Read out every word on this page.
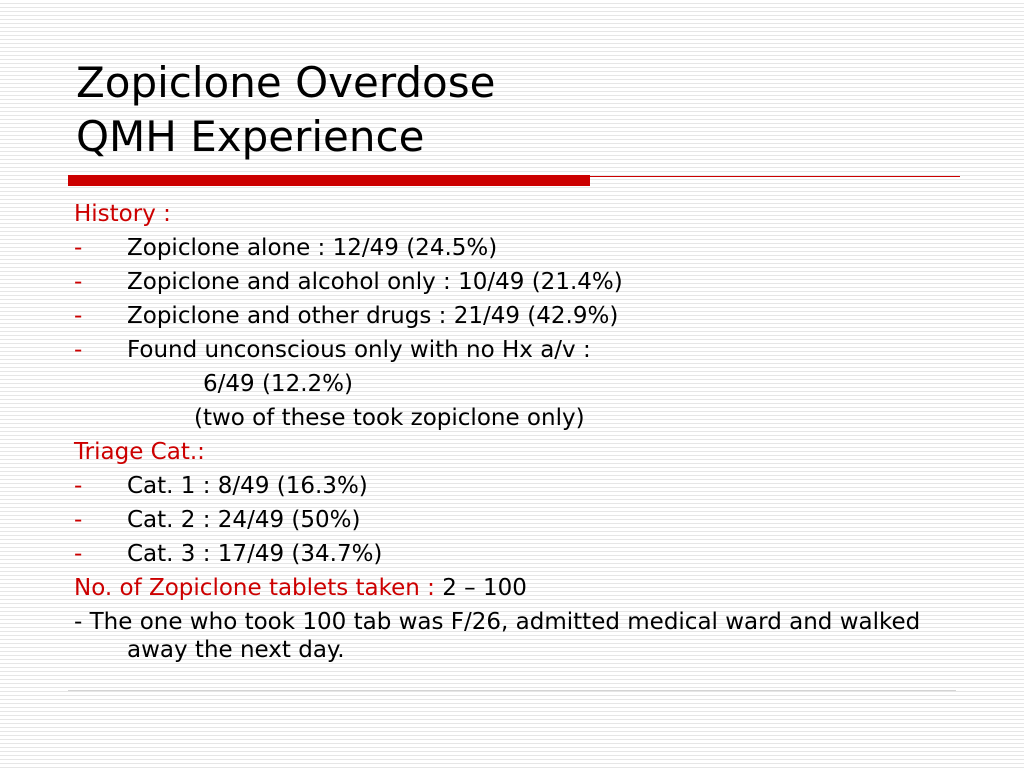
Zopiclone Overdose
QMH Experience
History :
-	Zopiclone alone : 12/49 (24.5%)
-	Zopiclone and alcohol only : 10/49 (21.4%)
-	Zopiclone and other drugs : 21/49 (42.9%)
-	Found unconscious only with no Hx a/v :
6/49 (12.2%)
(two of these took zopiclone only)
Triage Cat.:
-	Cat. 1 : 8/49 (16.3%)
-	Cat. 2 : 24/49 (50%)
-	Cat. 3 : 17/49 (34.7%)
No. of Zopiclone tablets taken : 2 – 100
- The one who took 100 tab was F/26, admitted medical ward and walked away the next day.
